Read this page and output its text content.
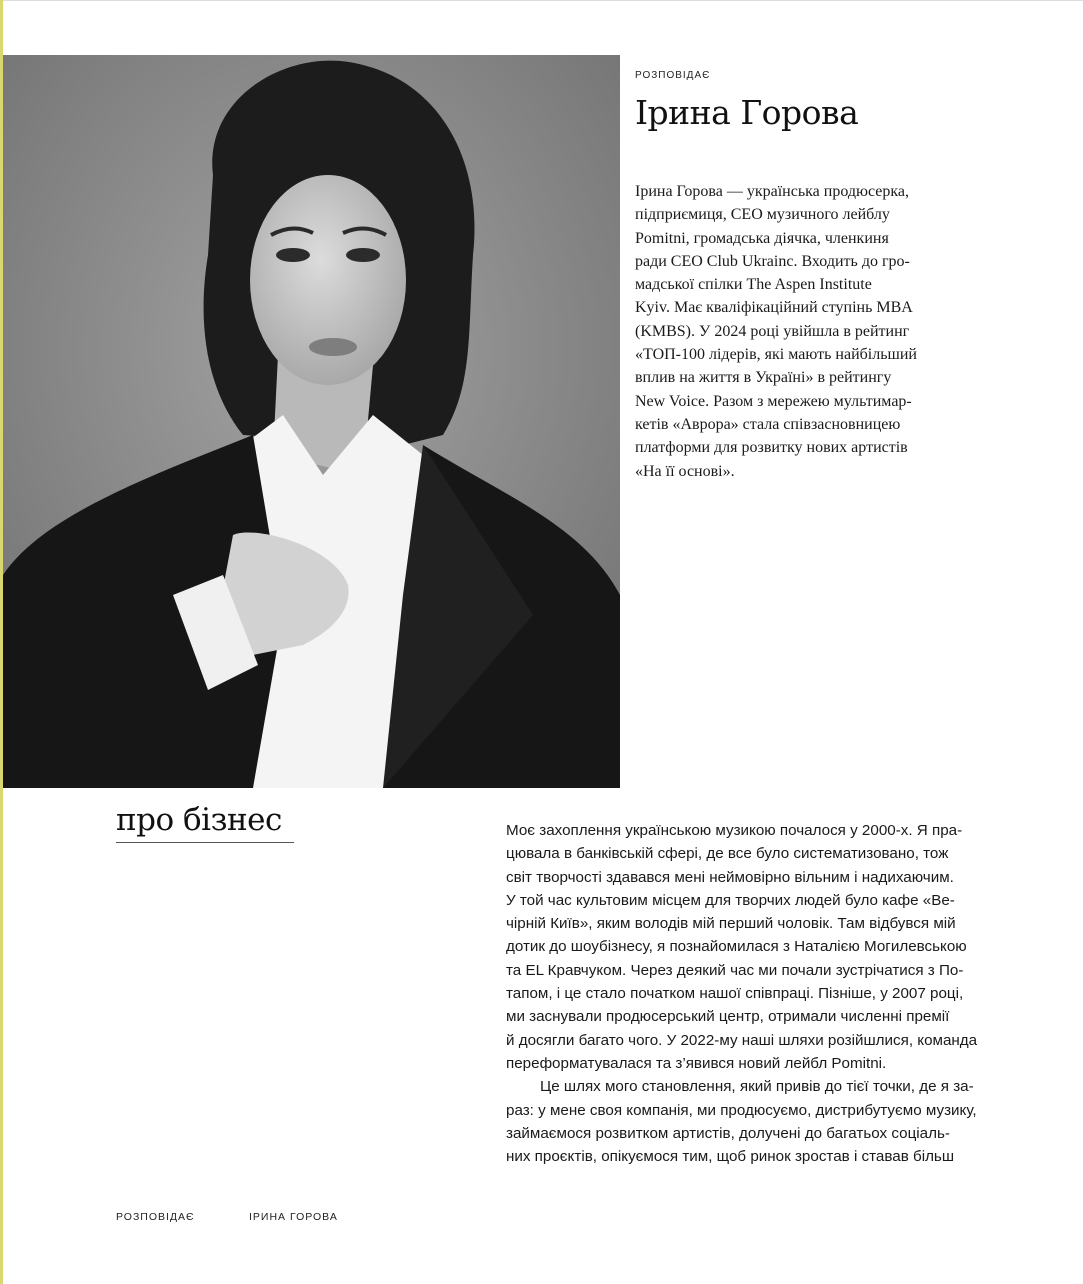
РОЗПОВІДАЄ
Ірина Горова

Ірина Горова — українська продюсерка,
підприємиця, CEO музичного лейблу
Pomitni, громадська діячка, членкиня
ради CEO Club Ukrainc. Входить до гро-
мадської спілки The Aspen Institute
Kyiv. Має кваліфікаційний ступінь MBA
(KMBS). У 2024 році увійшла в рейтинг
«ТОП-100 лідерів, які мають найбільший
вплив на життя в Україні» в рейтингу
New Voice. Разом з мережею мультимар-
кетів «Аврора» стала співзасновницею
платформи для розвитку нових артистів
«На її основі».

про бізнес	Моє захоплення українською музикою почалося у 2000-х. Я пра-
цювала в банківській сфері, де все було систематизовано, тож
світ творчості здавався мені неймовірно вільним і надихаючим.
У той час культовим місцем для творчих людей було кафе «Ве-
чірній Київ», яким володів мій перший чоловік. Там відбувся мій
дотик до шоубізнесу, я познайомилася з Наталією Могилевською
та EL Кравчуком. Через деякий час ми почали зустрічатися з По-
тапом, і це стало початком нашої співпраці. Пізніше, у 2007 році,
ми заснували продюсерський центр, отримали численні премії
й досягли багато чого. У 2022-му наші шляхи розійшлися, команда
переформатувалася та з’явився новий лейбл Pomitni.
Це шлях мого становлення, який привів до тієї точки, де я за-
раз: у мене своя компанія, ми продюсуємо, дистрибутуємо музику,
займаємося розвитком артистів, долучені до багатьох соціаль-
них проєктів, опікуємося тим, щоб ринок зростав і ставав більш

РОЗПОВІДАЄ	ІРИНА ГОРОВА
